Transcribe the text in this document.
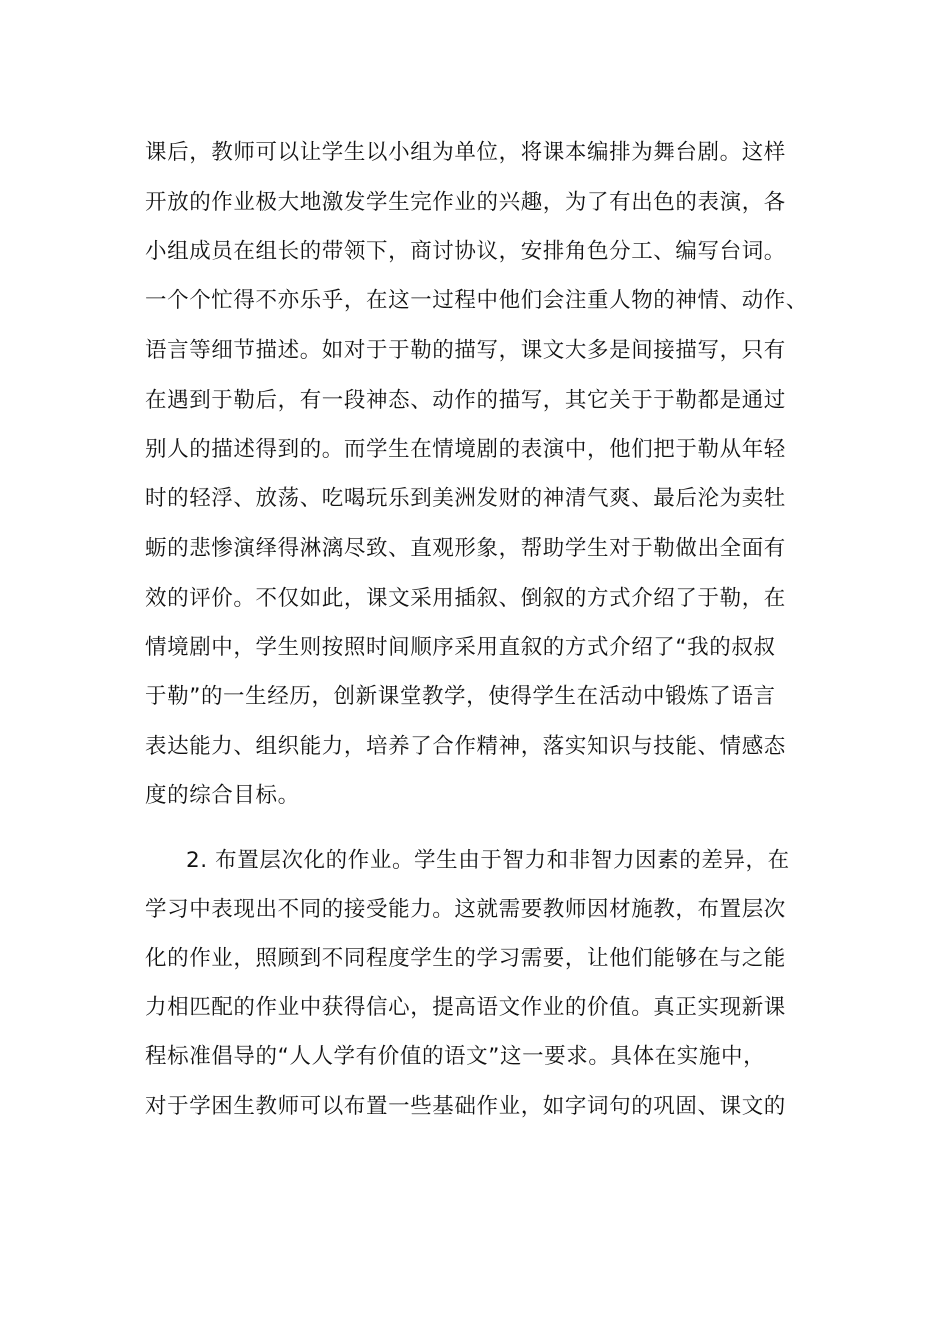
课后，教师可以让学生以小组为单位，将课本编排为舞台剧。这样
开放的作业极大地激发学生完作业的兴趣，为了有出色的表演，各
小组成员在组长的带领下，商讨协议，安排角色分工、编写台词。
一个个忙得不亦乐乎，在这一过程中他们会注重人物的神情、动作、
语言等细节描述。如对于于勒的描写，课文大多是间接描写，只有
在遇到于勒后，有一段神态、动作的描写，其它关于于勒都是通过
别人的描述得到的。而学生在情境剧的表演中，他们把于勒从年轻
时的轻浮、放荡、吃喝玩乐到美洲发财的神清气爽、最后沦为卖牡
蛎的悲惨演绎得淋漓尽致、直观形象，帮助学生对于勒做出全面有
效的评价。不仅如此，课文采用插叙、倒叙的方式介绍了于勒，在
情境剧中，学生则按照时间顺序采用直叙的方式介绍了“我的叔叔
于勒”的一生经历，创新课堂教学，使得学生在活动中锻炼了语言
表达能力、组织能力，培养了合作精神，落实知识与技能、情感态
度的综合目标。
2. 布置层次化的作业。学生由于智力和非智力因素的差异，在
学习中表现出不同的接受能力。这就需要教师因材施教，布置层次
化的作业，照顾到不同程度学生的学习需要，让他们能够在与之能
力相匹配的作业中获得信心，提高语文作业的价值。真正实现新课
程标准倡导的“人人学有价值的语文”这一要求。具体在实施中，
对于学困生教师可以布置一些基础作业，如字词句的巩固、课文的
